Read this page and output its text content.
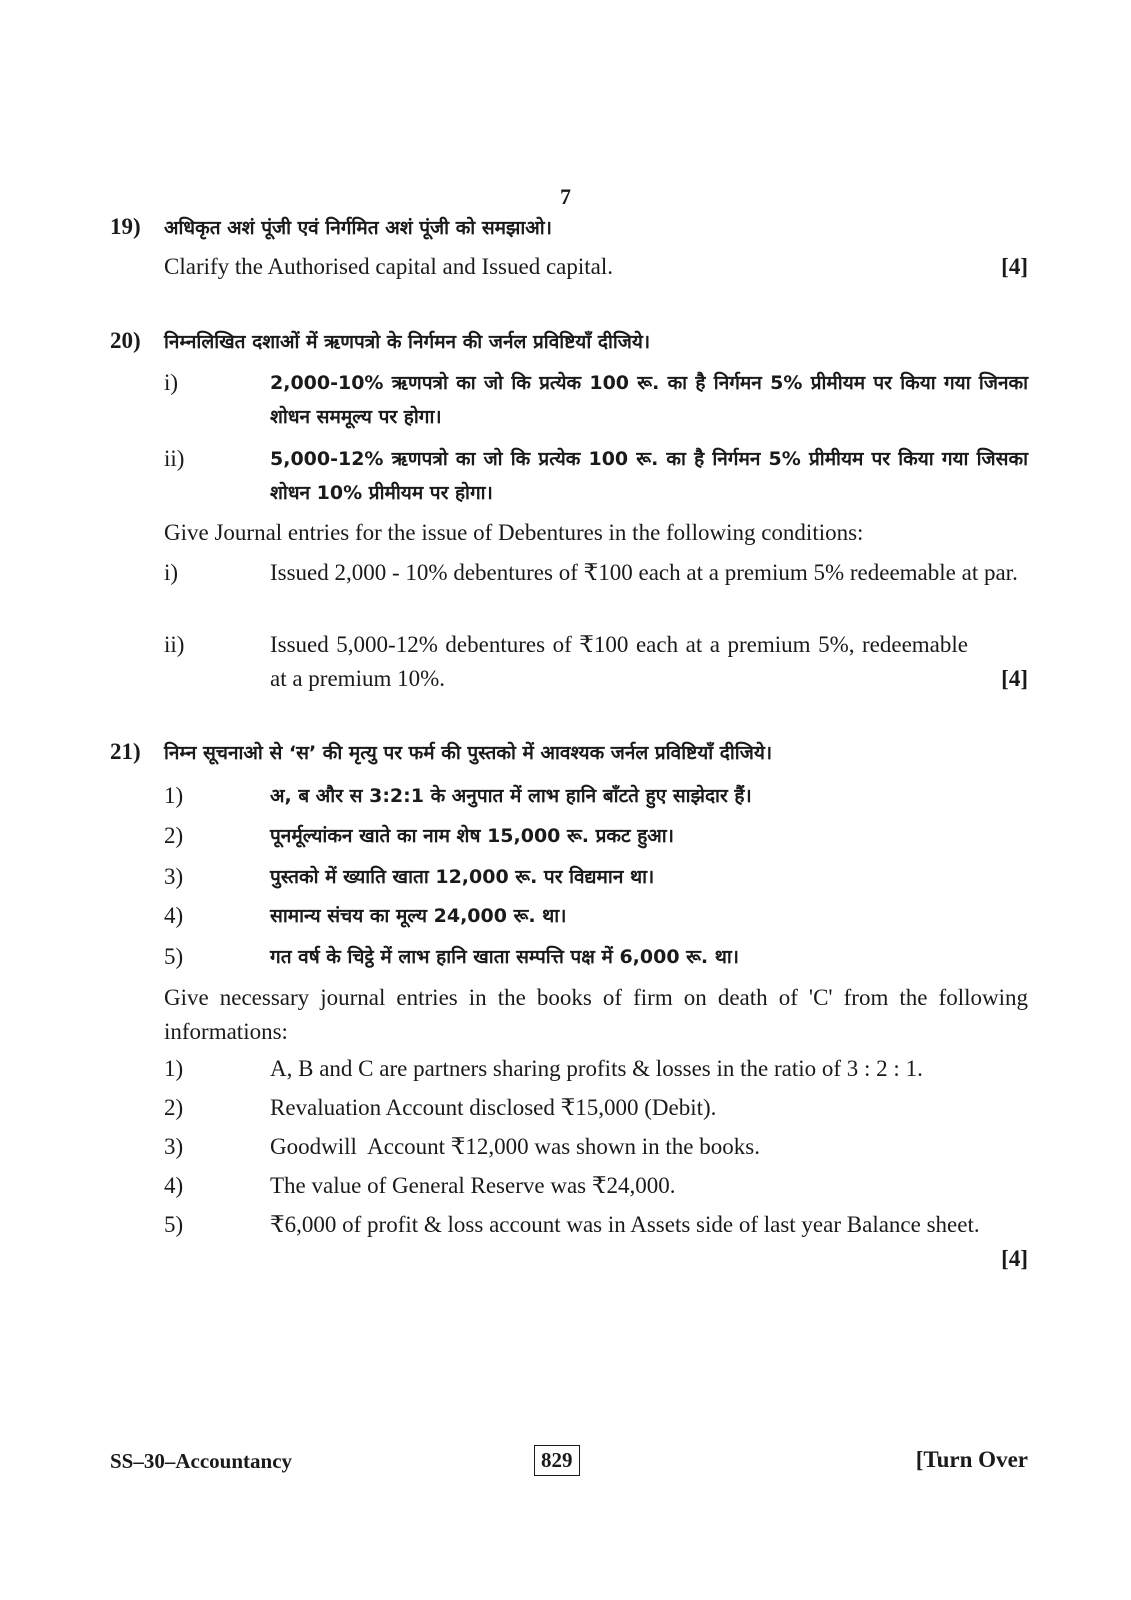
7
19) अधिकृत अशं पूंजी एवं निर्गमित अशं पूंजी को समझाओ।
Clarify the Authorised capital and Issued capital.	[4]
20) निम्नलिखित दशाओं में ऋणपत्रो के निर्गमन की जर्नल प्रविष्टियॉं दीजिये।
i)	2,000-10% ऋणपत्रो का जो कि प्रत्येक 100 रू. का है निर्गमन 5% प्रीमीयम पर किया गया जिनका शोधन सममूल्य पर होगा।
ii)	5,000-12% ऋणपत्रो का जो कि प्रत्येक 100 रू. का है निर्गमन 5% प्रीमीयम पर किया गया जिसका शोधन 10% प्रीमीयम पर होगा।
Give Journal entries for the issue of Debentures in the following conditions:
i)	Issued 2,000 - 10% debentures of ₹100 each at a premium 5% redeemable at par.
ii)	Issued 5,000-12% debentures of ₹100 each at a premium 5%, redeemable at a premium 10%.	[4]
21) निम्न सूचनाओ से ‘स’ की मृत्यु पर फर्म की पुस्तको में आवश्यक जर्नल प्रविष्टियॉं दीजिये।
1)	अ, ब और स 3:2:1 के अनुपात में लाभ हानि बॉंटते हुए साझेदार हैं।
2)	पूनर्मूल्यांकन खाते का नाम शेष 15,000 रू. प्रकट हुआ।
3)	पुस्तको में ख्याति खाता 12,000 रू. पर विद्यमान था।
4)	सामान्य संचय का मूल्य 24,000 रू. था।
5)	गत वर्ष के चिट्ठे में लाभ हानि खाता सम्पत्ति पक्ष में 6,000 रू. था।
Give necessary journal entries in the books of firm on death of 'C' from the following informations:
1)	A, B and C are partners sharing profits & losses in the ratio of 3 : 2 : 1.
2)	Revaluation Account disclosed ₹15,000 (Debit).
3)	Goodwill  Account ₹12,000 was shown in the books.
4)	The value of General Reserve was ₹24,000.
5)	₹6,000 of profit & loss account was in Assets side of last year Balance sheet.
[4]
SS–30–Accountancy	829	[Turn Over
